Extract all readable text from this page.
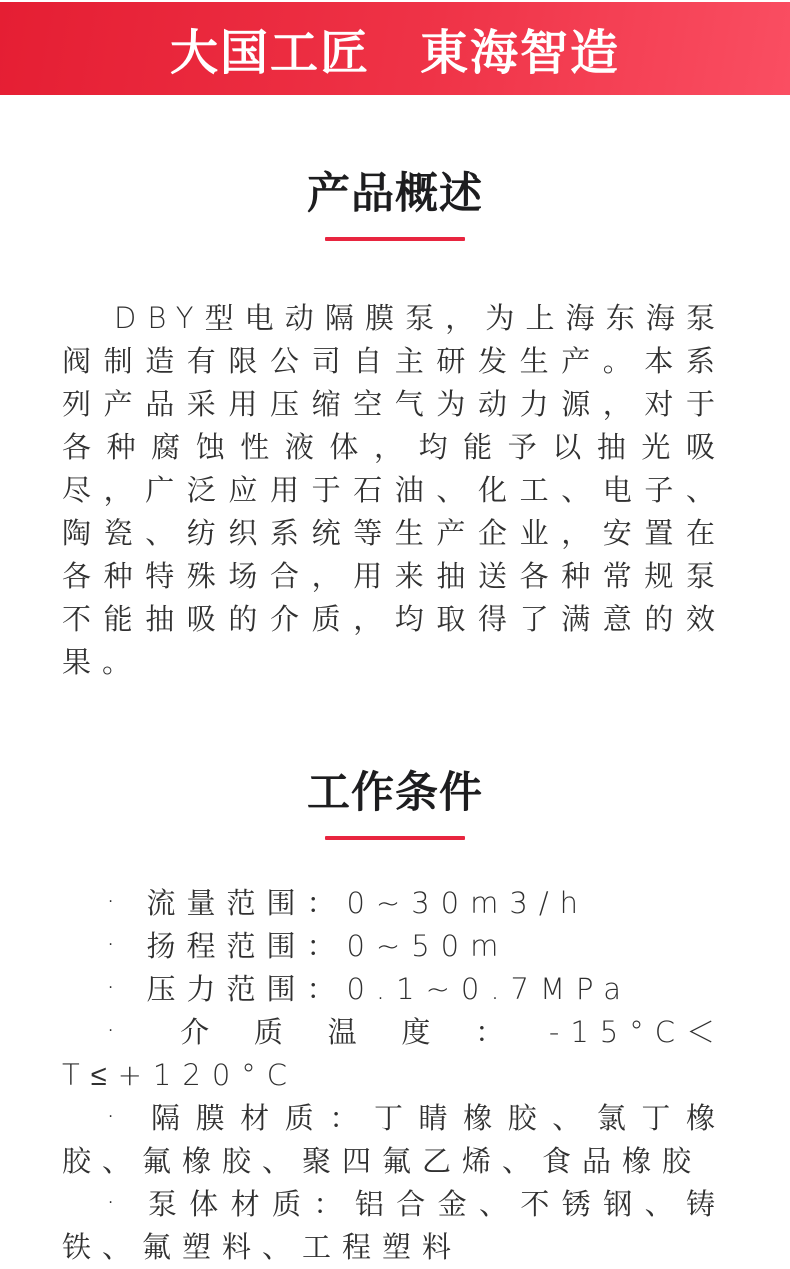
大国工匠　東海智造
产品概述

DBY型电动隔膜泵，为上海东海泵阀制造有限公司自主研发生产。本系列产品采用压缩空气为动力源，对于各种腐蚀性液体，均能予以抽光吸尽，广泛应用于石油、化工、电子、陶瓷、纺织系统等生产企业，安置在各种特殊场合，用来抽送各种常规泵不能抽吸的介质，均取得了满意的效果。

工作条件

· 流量范围：0~30m3/h

· 扬程范围：0~50m

· 压力范围：0.1~0.7MPa

· 介质温度：-15°C＜T≤+120°C

· 隔膜材质：丁睛橡胶、氯丁橡胶、氟橡胶、聚四氟乙烯、食品橡胶

· 泵体材质：铝合金、不锈钢、铸铁、氟塑料、工程塑料
